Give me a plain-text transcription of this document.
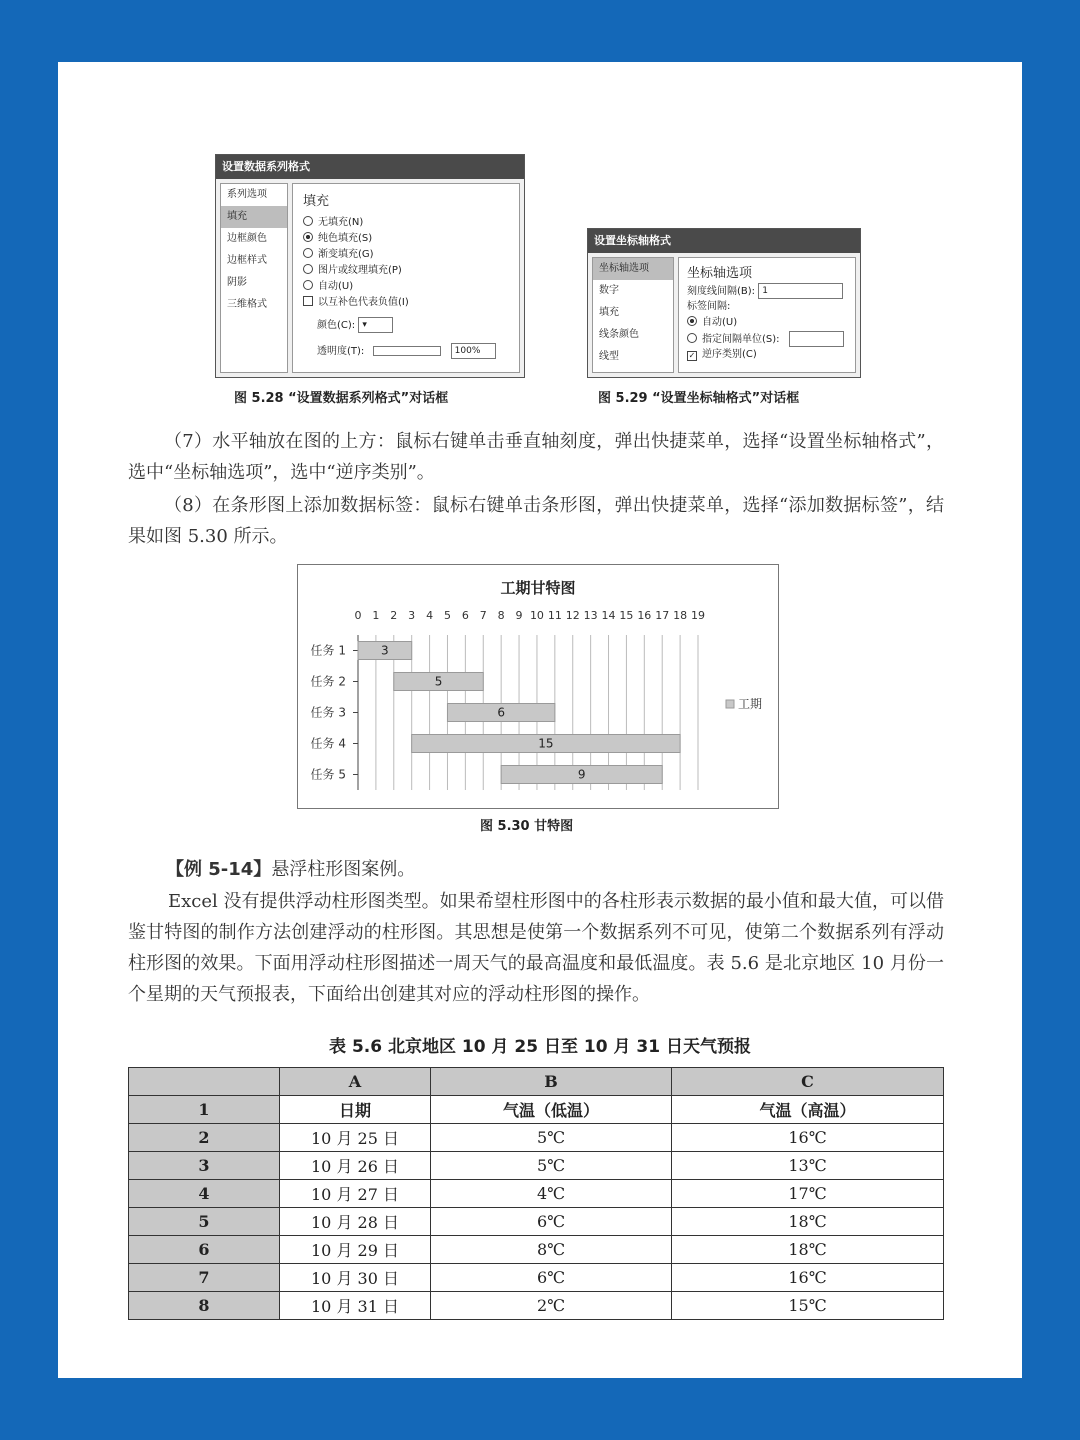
设置数据系列格式
系列选项
填充
边框颜色
边框样式
阴影
三维格式
填充
无填充(N)
纯色填充(S)
渐变填充(G)
图片或纹理填充(P)
自动(U)
以互补色代表负值(I)
颜色(C): ▾
透明度(T):	100%
图 5.28 “设置数据系列格式”对话框
设置坐标轴格式
坐标轴选项
数字
填充
线条颜色
线型
坐标轴选项
刻度线间隔(B): 1
标签间隔:
自动(U)
指定间隔单位(S):
✓ 逆序类别(C)
图 5.29 “设置坐标轴格式”对话框
（7）水平轴放在图的上方：鼠标右键单击垂直轴刻度，弹出快捷菜单，选择“设置坐标轴格式”，选中“坐标轴选项”，选中“逆序类别”。
（8）在条形图上添加数据标签：鼠标右键单击条形图，弹出快捷菜单，选择“添加数据标签”，结果如图 5.30 所示。
工期甘特图
0 1 2 3 4 5 6 7 8 9 10 11 12 13 14 15 16 17 18 19
任务 1	3
任务 2	5
任务 3	6
任务 4	15
任务 5	9
工期
图 5.30 甘特图
【例 5-14】悬浮柱形图案例。
Excel 没有提供浮动柱形图类型。如果希望柱形图中的各柱形表示数据的最小值和最大值，可以借鉴甘特图的制作方法创建浮动的柱形图。其思想是使第一个数据系列不可见，使第二个数据系列有浮动柱形图的效果。下面用浮动柱形图描述一周天气的最高温度和最低温度。表 5.6 是北京地区 10 月份一个星期的天气预报表，下面给出创建其对应的浮动柱形图的操作。
表 5.6 北京地区 10 月 25 日至 10 月 31 日天气预报
	A	B	C
1	日期	气温（低温）	气温（高温）
2	10 月 25 日	5℃	16℃
3	10 月 26 日	5℃	13℃
4	10 月 27 日	4℃	17℃
5	10 月 28 日	6℃	18℃
6	10 月 29 日	8℃	18℃
7	10 月 30 日	6℃	16℃
8	10 月 31 日	2℃	15℃
